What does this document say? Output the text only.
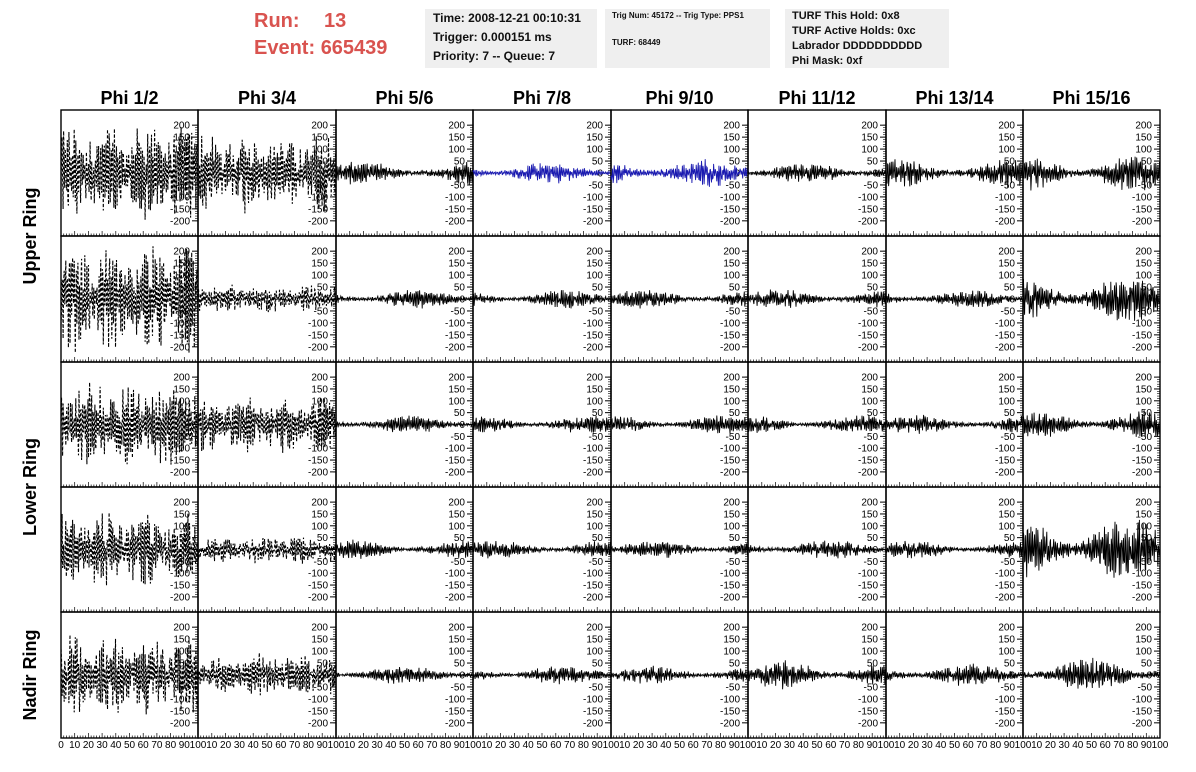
Run: 13
Event: 665439
Time: 2008-12-21 00:10:31
Trigger: 0.000151 ms
Priority: 7 -- Queue: 7
Trig Num: 45172 -- Trig Type: PPS1
TURF: 68449
TURF This Hold: 0x8
TURF Active Holds: 0xc
Labrador DDDDDDDDDD
Phi Mask: 0xf
Phi 1/2	Phi 3/4	Phi 5/6	Phi 7/8	Phi 9/10	Phi 11/12	Phi 13/14	Phi 15/16
Upper Ring
Lower Ring
Nadir Ring
-200
-150
-100
-50
0
50
100
150
200
-200
-150
-100
-50
0
50
100
150
200
-200
-150
-100
-50
0
50
100
150
200
-200
-150
-100
-50
0
50
100
150
200
-200
-150
-100
-50
0
50
100
150
200
-200
-150
-100
-50
0
50
100
150
200
-200
-150
-100
-50
0
50
100
150
200
-200
-150
-100
-50
0
50
100
150
200
-200
-150
-100
-50
0
50
100
150
200
-200
-150
-100
-50
0
50
100
150
200
-200
-150
-100
-50
0
50
100
150
200
-200
-150
-100
-50
0
50
100
150
200
-200
-150
-100
-50
0
50
100
150
200
-200
-150
-100
-50
0
50
100
150
200
-200
-150
-100
-50
0
50
100
150
200
-200
-150
-100
-50
0
50
100
150
200
-200
-150
-100
-50
0
50
100
150
200
-200
-150
-100
-50
0
50
100
150
200
-200
-150
-100
-50
0
50
100
150
200
-200
-150
-100
-50
0
50
100
150
200
-200
-150
-100
-50
0
50
100
150
200
-200
-150
-100
-50
0
50
100
150
200
-200
-150
-100
-50
0
50
100
150
200
-200
-150
-100
-50
0
50
100
150
200
-200
-150
-100
-50
0
50
100
150
200
-200
-150
-100
-50
0
50
100
150
200
-200
-150
-100
-50
0
50
100
150
200
-200
-150
-100
-50
0
50
100
150
200
-200
-150
-100
-50
0
50
100
150
200
-200
-150
-100
-50
0
50
100
150
200
-200
-150
-100
-50
0
50
100
150
200
-200
-150
-100
-50
0
50
100
150
200
-200
-150
-100
-50
0
50
100
150
200
-200
-150
-100
-50
0
50
100
150
200
-200
-150
-100
-50
0
50
100
150
200
-200
-150
-100
-50
0
50
100
150
200
-200
-150
-100
-50
0
50
100
150
200
-200
-150
-100
-50
0
50
100
150
200
-200
-150
-100
-50
0
50
100
150
200
-200
-150
-100
-50
0
50
100
150
200
0 10 20 30 40 50 60 70 80 90 100 10 20 30 40 50 60 70 80 90 100 10 20 30 40 50 60 70 80 90 100 10 20 30 40 50 60 70 80 90 100 10 20 30 40 50 60 70 80 90 100 10 20 30 40 50 60 70 80 90 100 10 20 30 40 50 60 70 80 90 100 10 20 30 40 50 60 70 80 90 100
